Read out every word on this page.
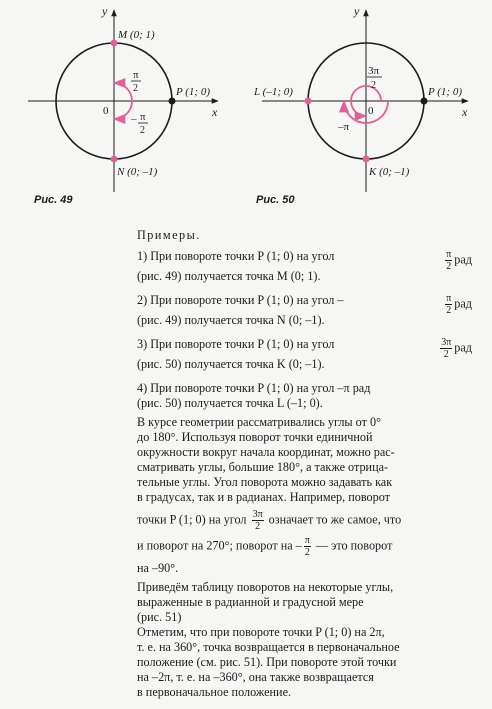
y
x
0
M (0; 1)
P (1; 0)
N (0; –1)
π
2
– π
2
y
x
0
L (–1; 0)	P (1; 0)
K (0; –1)
3π
2
–π
Рис. 49	Рис. 50
Примеры.
1) При повороте точки P (1; 0) на угол	$\frac{\pi}{2}$ рад
(рис. 49) получается точка M (0; 1).
2) При повороте точки P (1; 0) на угол –	$\frac{\pi}{2}$ рад
(рис. 49) получается точка N (0; –1).
3) При повороте точки P (1; 0) на угол	$\frac{3\pi}{2}$ рад
(рис. 50) получается точка K (0; –1).
4) При повороте точки P (1; 0) на угол –π рад
(рис. 50) получается точка L (–1; 0).
В курсе геометрии рассматривались углы от 0°
до 180°. Используя поворот точки единичной
окружности вокруг начала координат, можно рас-
сматривать углы, большие 180°, а также отрица-
тельные углы. Угол поворота можно задавать как
в градусах, так и в радианах. Например, поворот
точки P (1; 0) на угол $\frac{3\pi}{2}$ означает то же самое, что
и поворот на 270°; поворот на – $\frac{\pi}{2}$ — это поворот
на –90°.
Приведём таблицу поворотов на некоторые углы,
выраженные в радианной и градусной мере
(рис. 51)
Отметим, что при повороте точки P (1; 0) на 2π,
т. е. на 360°, точка возвращается в первоначальное
положение (см. рис. 51). При повороте этой точки
на –2π, т. е. на –360°, она также возвращается
в первоначальное положение.
